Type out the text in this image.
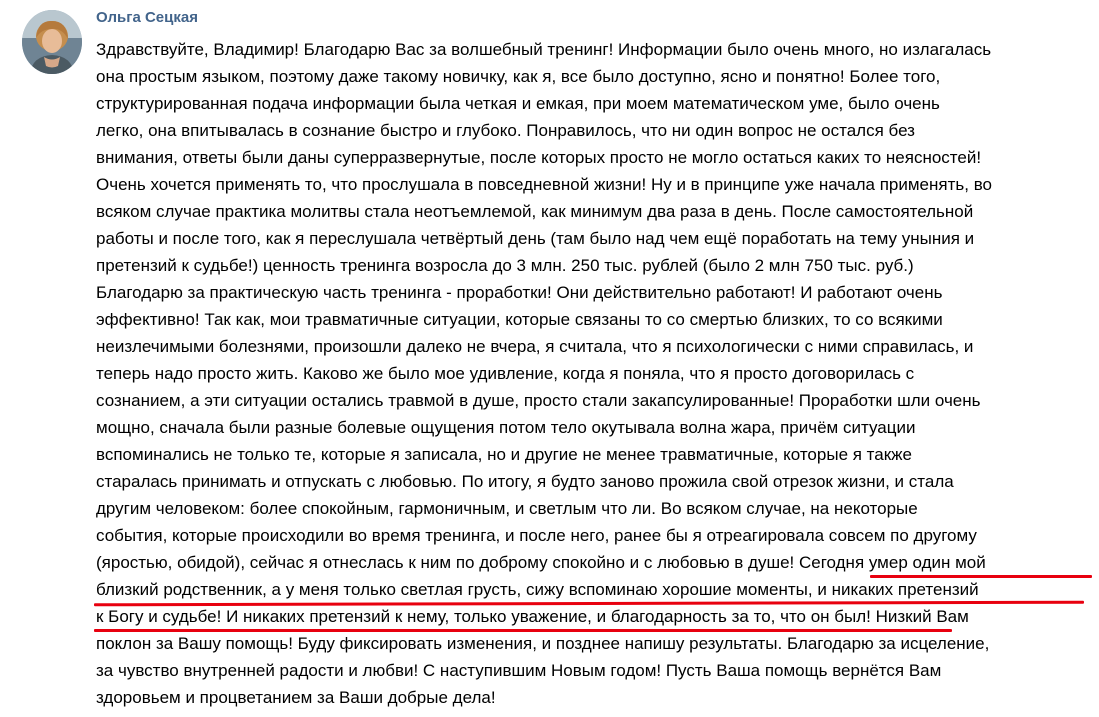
Ольга Сецкая
Здравствуйте, Владимир! Благодарю Вас за волшебный тренинг! Информации было очень много, но излагалась
она простым языком, поэтому даже такому новичку, как я, все было доступно, ясно и понятно! Более того,
структурированная подача информации была четкая и емкая, при моем математическом уме, было очень
легко, она впитывалась в сознание быстро и глубоко. Понравилось, что ни один вопрос не остался без
внимания, ответы были даны суперразвернутые, после которых просто не могло остаться каких то неясностей!
Очень хочется применять то, что прослушала в повседневной жизни! Ну и в принципе уже начала применять, во
всяком случае практика молитвы стала неотъемлемой, как минимум два раза в день. После самостоятельной
работы и после того, как я переслушала четвёртый день (там было над чем ещё поработать на тему уныния и
претензий к судьбе!) ценность тренинга возросла до 3 млн. 250 тыс. рублей (было 2 млн 750 тыс. руб.)
Благодарю за практическую часть тренинга - проработки! Они действительно работают! И работают очень
эффективно! Так как, мои травматичные ситуации, которые связаны то со смертью близких, то со всякими
неизлечимыми болезнями, произошли далеко не вчера, я считала, что я психологически с ними справилась, и
теперь надо просто жить. Каково же было мое удивление, когда я поняла, что я просто договорилась с
сознанием, а эти ситуации остались травмой в душе, просто стали закапсулированные! Проработки шли очень
мощно, сначала были разные болевые ощущения потом тело окутывала волна жара, причём ситуации
вспоминались не только те, которые я записала, но и другие не менее травматичные, которые я также
старалась принимать и отпускать с любовью. По итогу, я будто заново прожила свой отрезок жизни, и стала
другим человеком: более спокойным, гармоничным, и светлым что ли. Во всяком случае, на некоторые
события, которые происходили во время тренинга, и после него, ранее бы я отреагировала совсем по другому
(яростью, обидой), сейчас я отнеслась к ним по доброму спокойно и с любовью в душе! Сегодня умер один мой
близкий родственник, а у меня только светлая грусть, сижу вспоминаю хорошие моменты, и никаких претензий
к Богу и судьбе! И никаких претензий к нему, только уважение, и благодарность за то, что он был! Низкий Вам
поклон за Вашу помощь! Буду фиксировать изменения, и позднее напишу результаты. Благодарю за исцеление,
за чувство внутренней радости и любви! С наступившим Новым годом! Пусть Ваша помощь вернётся Вам
здоровьем и процветанием за Ваши добрые дела!
